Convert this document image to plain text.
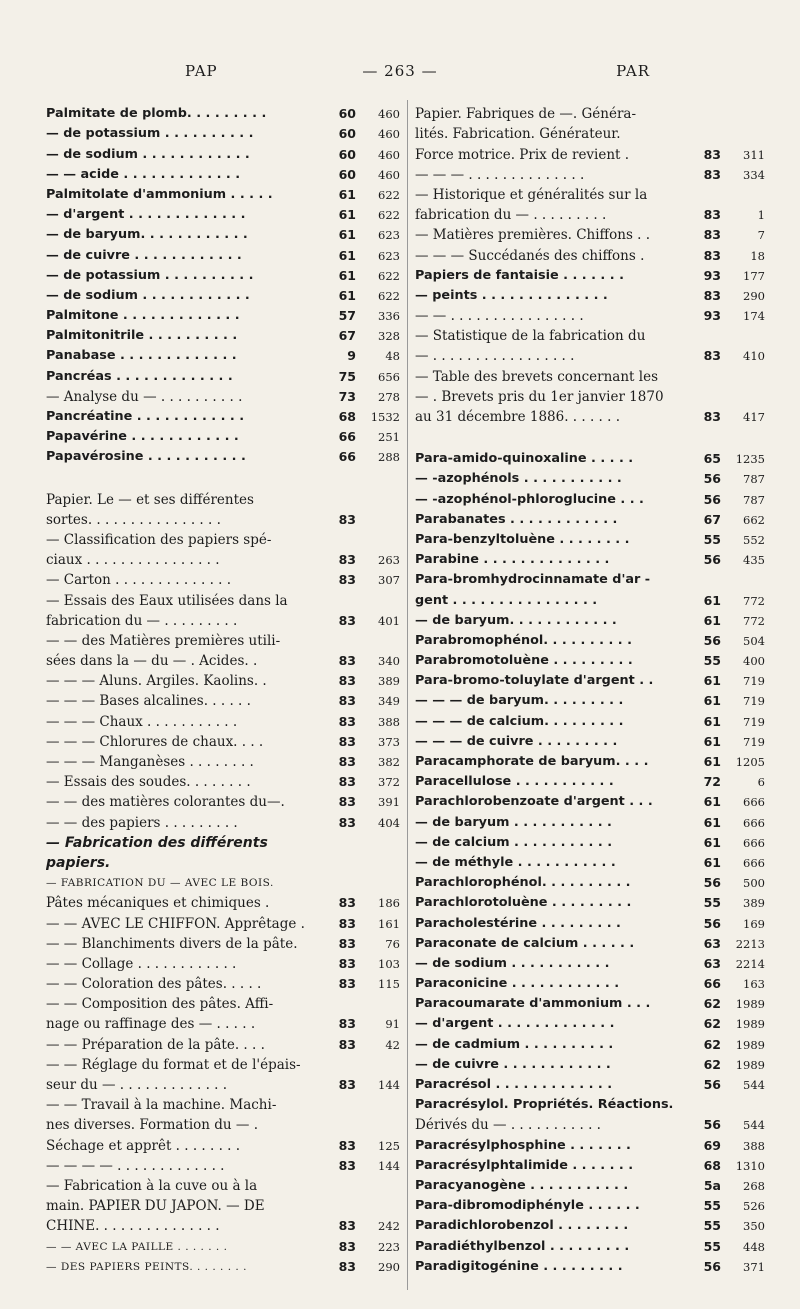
PAP	— 263 —	PAR
Palmitate de plomb. . . . . . . . .	60	460
— de potassium . . . . . . . . . .	60	460
— de sodium . . . . . . . . . . . .	60	460
— — acide . . . . . . . . . . . . .	60	460
Palmitolate d'ammonium . . . . .	61	622
— d'argent . . . . . . . . . . . . .	61	622
— de baryum. . . . . . . . . . . .	61	623
— de cuivre . . . . . . . . . . . .	61	623
— de potassium . . . . . . . . . .	61	622
— de sodium . . . . . . . . . . . .	61	622
Palmitone . . . . . . . . . . . . .	57	336
Palmitonitrile . . . . . . . . . .	67	328
Panabase . . . . . . . . . . . . .	9	48
Pancréas . . . . . . . . . . . . .	75	656
— Analyse du — . . . . . . . . . .	73	278
Pancréatine . . . . . . . . . . . .	68	1532
Papavérine . . . . . . . . . . . .	66	251
Papavérosine . . . . . . . . . . .	66	288
Papier. Le — et ses différentes
sortes. . . . . . . . . . . . . . . .	83
— Classification des papiers spé-
ciaux . . . . . . . . . . . . . . . .	83	263
— Carton . . . . . . . . . . . . . .	83	307
— Essais des Eaux utilisées dans la
fabrication du — . . . . . . . . .	83	401
— — des Matières premières utili-
sées dans la — du — . Acides. .	83	340
— — — Aluns. Argiles. Kaolins. .	83	389
— — — Bases alcalines. . . . . .	83	349
— — — Chaux . . . . . . . . . . .	83	388
— — — Chlorures de chaux. . . .	83	373
— — — Manganèses . . . . . . . .	83	382
— Essais des soudes. . . . . . . .	83	372
— — des matières colorantes du—.	83	391
— — des papiers . . . . . . . . .	83	404
— Fabrication des différents
papiers.
— FABRICATION DU — AVEC LE BOIS.
Pâtes mécaniques et chimiques .	83	186
— — AVEC LE CHIFFON. Apprêtage .	83	161
— — Blanchiments divers de la pâte.	83	76
— — Collage . . . . . . . . . . . .	83	103
— — Coloration des pâtes. . . . .	83	115
— — Composition des pâtes. Affi-
nage ou raffinage des — . . . . .	83	91
— — Préparation de la pâte. . . .	83	42
— — Réglage du format et de l'épais-
seur du — . . . . . . . . . . . . .	83	144
— — Travail à la machine. Machi-
nes diverses. Formation du — .
Séchage et apprêt . . . . . . . .	83	125
— — — — . . . . . . . . . . . . .	83	144
— Fabrication à la cuve ou à la
main. PAPIER DU JAPON. — DE
CHINE. . . . . . . . . . . . . . .	83	242
— — AVEC LA PAILLE . . . . . . .	83	223
— DES PAPIERS PEINTS. . . . . . . .	83	290
Papier. Fabriques de —. Généra-
lités. Fabrication. Générateur.
Force motrice. Prix de revient .	83	311
— — — . . . . . . . . . . . . . .	83	334
— Historique et généralités sur la
fabrication du — . . . . . . . . .	83	1
— Matières premières. Chiffons . .	83	7
— — — Succédanés des chiffons .	83	18
Papiers de fantaisie . . . . . . .	93	177
— peints . . . . . . . . . . . . . .	83	290
— — . . . . . . . . . . . . . . . .	93	174
— Statistique de la fabrication du
— . . . . . . . . . . . . . . . . .	83	410
— Table des brevets concernant les
— . Brevets pris du 1er janvier 1870
au 31 décembre 1886. . . . . . .	83	417
Para-amido-quinoxaline . . . . .	65	1235
— -azophénols . . . . . . . . . . .	56	787
— -azophénol-phloroglucine . . .	56	787
Parabanates . . . . . . . . . . . .	67	662
Para-benzyltoluène . . . . . . . .	55	552
Parabine . . . . . . . . . . . . . .	56	435
Para-bromhydrocinnamate d'ar -
gent . . . . . . . . . . . . . . . .	61	772
— de baryum. . . . . . . . . . . .	61	772
Parabromophénol. . . . . . . . . .	56	504
Parabromotoluène . . . . . . . . .	55	400
Para-bromo-toluylate d'argent . .	61	719
— — — de baryum. . . . . . . . .	61	719
— — — de calcium. . . . . . . . .	61	719
— — — de cuivre . . . . . . . . .	61	719
Paracamphorate de baryum. . . .	61	1205
Paracellulose . . . . . . . . . . .	72	6
Parachlorobenzoate d'argent . . .	61	666
— de baryum . . . . . . . . . . .	61	666
— de calcium . . . . . . . . . . .	61	666
— de méthyle . . . . . . . . . . .	61	666
Parachlorophénol. . . . . . . . . .	56	500
Parachlorotoluène . . . . . . . . .	55	389
Paracholestérine . . . . . . . . .	56	169
Paraconate de calcium . . . . . .	63	2213
— de sodium . . . . . . . . . . .	63	2214
Paraconicine . . . . . . . . . . . .	66	163
Paracoumarate d'ammonium . . .	62	1989
— d'argent . . . . . . . . . . . . .	62	1989
— de cadmium . . . . . . . . . .	62	1989
— de cuivre . . . . . . . . . . . .	62	1989
Paracrésol . . . . . . . . . . . . .	56	544
Paracrésylol. Propriétés. Réactions.
Dérivés du — . . . . . . . . . . .	56	544
Paracrésylphosphine . . . . . . .	69	388
Paracrésylphtalimide . . . . . . .	68	1310
Paracyanogène . . . . . . . . . . .	5a	268
Para-dibromodiphényle . . . . . .	55	526
Paradichlorobenzol . . . . . . . .	55	350
Paradiéthylbenzol . . . . . . . . .	55	448
Paradigitogénine . . . . . . . . .	56	371
